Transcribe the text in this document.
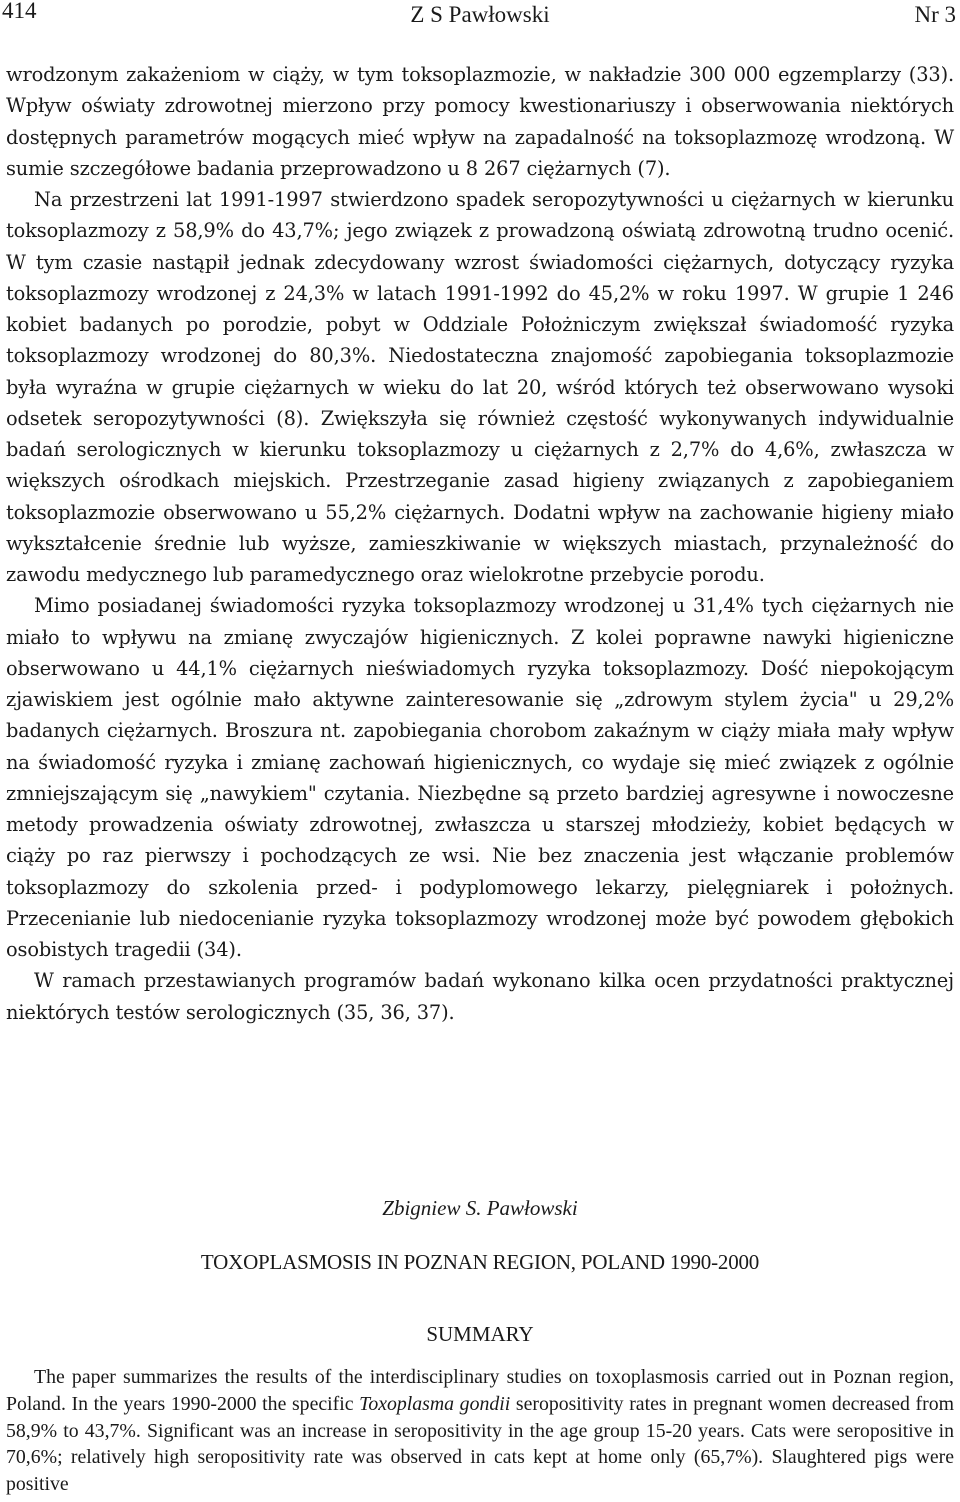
414	Z S Pawłowski	Nr 3

wrodzonym zakażeniom w ciąży, w tym toksoplazmozie, w nakładzie 300 000 egzemplarzy (33). Wpływ oświaty zdrowotnej mierzono przy pomocy kwestionariuszy i obserwowania niektórych dostępnych parametrów mogących mieć wpływ na zapadalność na toksoplazmozę wrodzoną. W sumie szczegółowe badania przeprowadzono u 8 267 ciężarnych (7).

Na przestrzeni lat 1991-1997 stwierdzono spadek seropozytywności u ciężarnych w kierunku toksoplazmozy z 58,9% do 43,7%; jego związek z prowadzoną oświatą zdrowotną trudno ocenić. W tym czasie nastąpił jednak zdecydowany wzrost świadomości ciężarnych, dotyczący ryzyka toksoplazmozy wrodzonej z 24,3% w latach 1991-1992 do 45,2% w roku 1997. W grupie 1 246 kobiet badanych po porodzie, pobyt w Oddziale Położniczym zwiększał świadomość ryzyka toksoplazmozy wrodzonej do 80,3%. Niedostateczna znajomość zapobiegania toksoplazmozie była wyraźna w grupie ciężarnych w wieku do lat 20, wśród których też obserwowano wysoki odsetek seropozytywności (8). Zwiększyła się również częstość wykonywanych indywidualnie badań serologicznych w kierunku toksoplazmozy u ciężarnych z 2,7% do 4,6%, zwłaszcza w większych ośrodkach miejskich. Przestrzeganie zasad higieny związanych z zapobieganiem toksoplazmozie obserwowano u 55,2% ciężarnych. Dodatni wpływ na zachowanie higieny miało wykształcenie średnie lub wyższe, zamieszkiwanie w większych miastach, przynależność do zawodu medycznego lub paramedycznego oraz wielokrotne przebycie porodu.

Mimo posiadanej świadomości ryzyka toksoplazmozy wrodzonej u 31,4% tych ciężarnych nie miało to wpływu na zmianę zwyczajów higienicznych. Z kolei poprawne nawyki higieniczne obserwowano u 44,1% ciężarnych nieświadomych ryzyka toksoplazmozy. Dość niepokojącym zjawiskiem jest ogólnie mało aktywne zainteresowanie się „zdrowym stylem życia" u 29,2% badanych ciężarnych. Broszura nt. zapobiegania chorobom zakaźnym w ciąży miała mały wpływ na świadomość ryzyka i zmianę zachowań higienicznych, co wydaje się mieć związek z ogólnie zmniejszającym się „nawykiem" czytania. Niezbędne są przeto bardziej agresywne i nowoczesne metody prowadzenia oświaty zdrowotnej, zwłaszcza u starszej młodzieży, kobiet będących w ciąży po raz pierwszy i pochodzących ze wsi. Nie bez znaczenia jest włączanie problemów toksoplazmozy do szkolenia przed- i podyplomowego lekarzy, pielęgniarek i położnych. Przecenianie lub niedocenianie ryzyka toksoplazmozy wrodzonej może być powodem głębokich osobistych tragedii (34).

W ramach przestawianych programów badań wykonano kilka ocen przydatności praktycznej niektórych testów serologicznych (35, 36, 37).

Zbigniew S. Pawłowski
TOXOPLASMOSIS IN POZNAN REGION, POLAND 1990-2000
SUMMARY

The paper summarizes the results of the interdisciplinary studies on toxoplasmosis carried out in Poznan region, Poland. In the years 1990-2000 the specific Toxoplasma gondii seropositivity rates in pregnant women decreased from 58,9% to 43,7%. Significant was an increase in seropositivity in the age group 15-20 years. Cats were seropositive in 70,6%; relatively high seropositivity rate was observed in cats kept at home only (65,7%). Slaughtered pigs were positive
